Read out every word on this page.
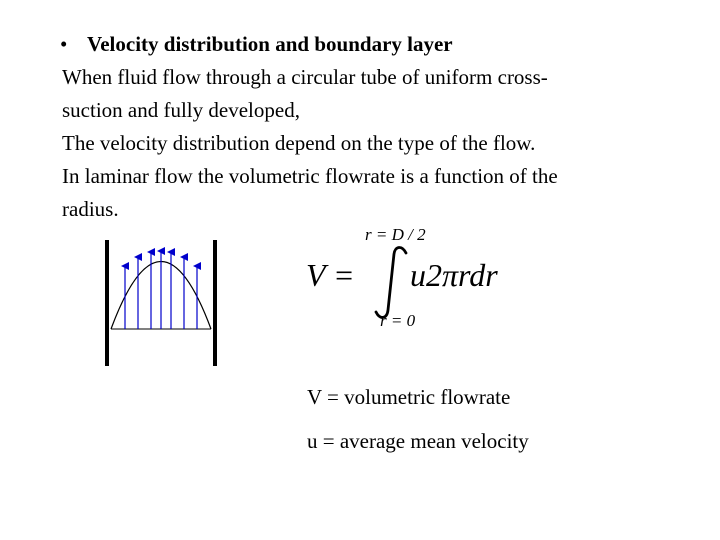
• Velocity distribution and boundary layer
When fluid flow through a circular tube of uniform cross-
suction and fully developed,
The velocity distribution depend on the type of the flow.
In laminar flow the volumetric flowrate is a function of the
radius.
r = D / 2
V = u2πrdr
r = 0
V = volumetric flowrate
u = average mean velocity
